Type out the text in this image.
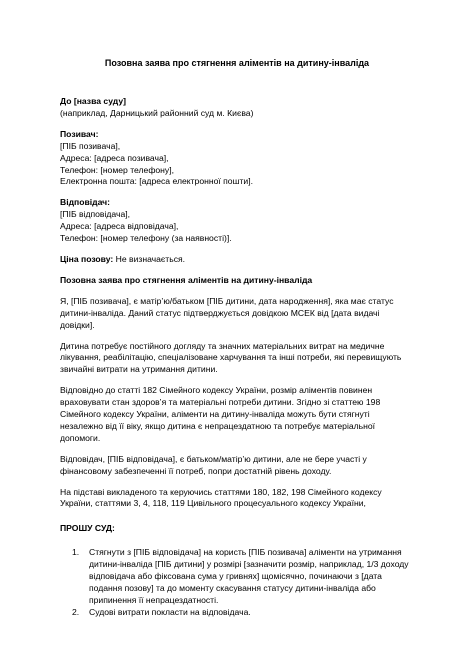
Позовна заява про стягнення аліментів на дитину-інваліда
До [назва суду]
(наприклад, Дарницький районний суд м. Києва)
Позивач:
[ПІБ позивача],
Адреса: [адреса позивача],
Телефон: [номер телефону],
Електронна пошта: [адреса електронної пошти].
Відповідач:
[ПІБ відповідача],
Адреса: [адреса відповідача],
Телефон: [номер телефону (за наявності)].
Ціна позову: Не визначається.
Позовна заява про стягнення аліментів на дитину-інваліда
Я, [ПІБ позивача], є матір’ю/батьком [ПІБ дитини, дата народження], яка має статус
дитини-інваліда. Даний статус підтверджується довідкою МСЕК від [дата видачі
довідки].
Дитина потребує постійного догляду та значних матеріальних витрат на медичне
лікування, реабілітацію, спеціалізоване харчування та інші потреби, які перевищують
звичайні витрати на утримання дитини.
Відповідно до статті 182 Сімейного кодексу України, розмір аліментів повинен
враховувати стан здоров’я та матеріальні потреби дитини. Згідно зі статтею 198
Сімейного кодексу України, аліменти на дитину-інваліда можуть бути стягнуті
незалежно від її віку, якщо дитина є непрацездатною та потребує матеріальної
допомоги.
Відповідач, [ПІБ відповідача], є батьком/матір’ю дитини, але не бере участі у
фінансовому забезпеченні її потреб, попри достатній рівень доходу.
На підставі викладеного та керуючись статтями 180, 182, 198 Сімейного кодексу
України, статтями 3, 4, 118, 119 Цивільного процесуального кодексу України,
ПРОШУ СУД:
1. Стягнути з [ПІБ відповідача] на користь [ПІБ позивача] аліменти на утримання
дитини-інваліда [ПІБ дитини] у розмірі [зазначити розмір, наприклад, 1/3 доходу
відповідача або фіксована сума у гривнях] щомісячно, починаючи з [дата
подання позову] та до моменту скасування статусу дитини-інваліда або
припинення її непрацездатності.
2. Судові витрати покласти на відповідача.
